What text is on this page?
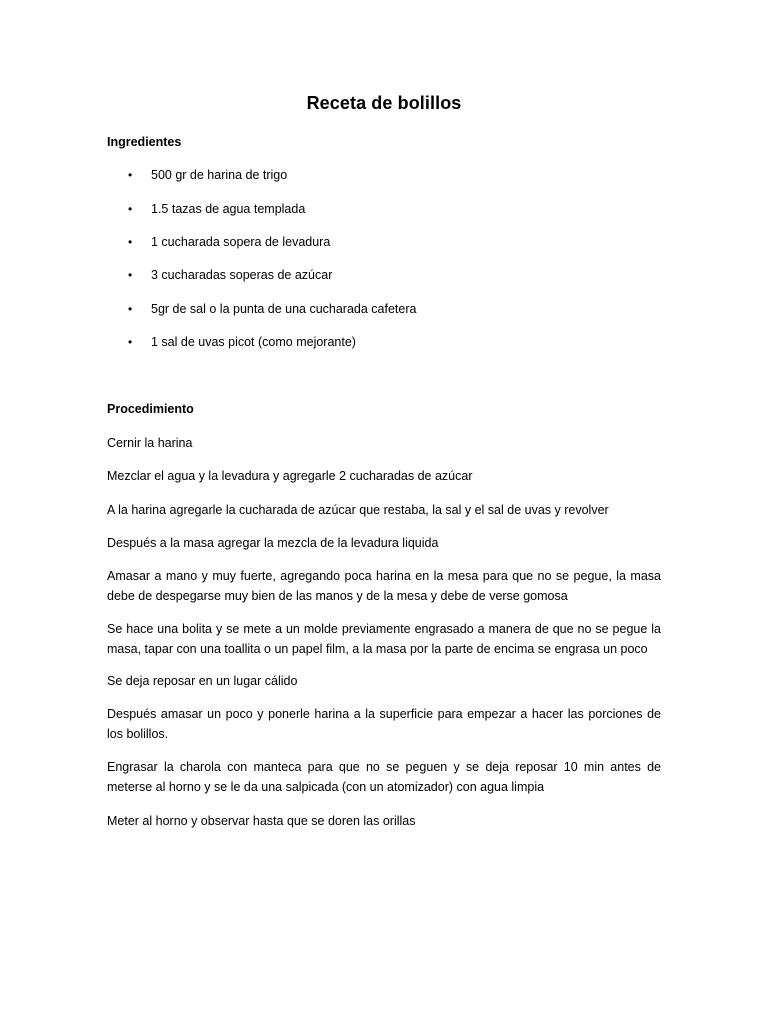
Receta de bolillos
Ingredientes
• 500 gr de harina de trigo
• 1.5 tazas de agua templada
• 1 cucharada sopera de levadura
• 3 cucharadas soperas de azúcar
• 5gr de sal o la punta de una cucharada cafetera
• 1 sal de uvas picot (como mejorante)
Procedimiento
Cernir la harina
Mezclar el agua y la levadura y agregarle 2 cucharadas de azúcar
A la harina agregarle la cucharada de azúcar que restaba, la sal y el sal de uvas y revolver
Después a la masa agregar la mezcla de la levadura liquida
Amasar a mano y muy fuerte, agregando poca harina en la mesa para que no se pegue, la masa debe de despegarse muy bien de las manos y de la mesa y debe de verse gomosa
Se hace una bolita y se mete a un molde previamente engrasado a manera de que no se pegue la masa, tapar con una toallita o un papel film, a la masa por la parte de encima se engrasa un poco
Se deja reposar en un lugar cálido
Después amasar un poco y ponerle harina a la superficie para empezar a hacer las porciones de los bolillos.
Engrasar la charola con manteca para que no se peguen y se deja reposar 10 min antes de meterse al horno y se le da una salpicada (con un atomizador) con agua limpia
Meter al horno y observar hasta que se doren las orillas
